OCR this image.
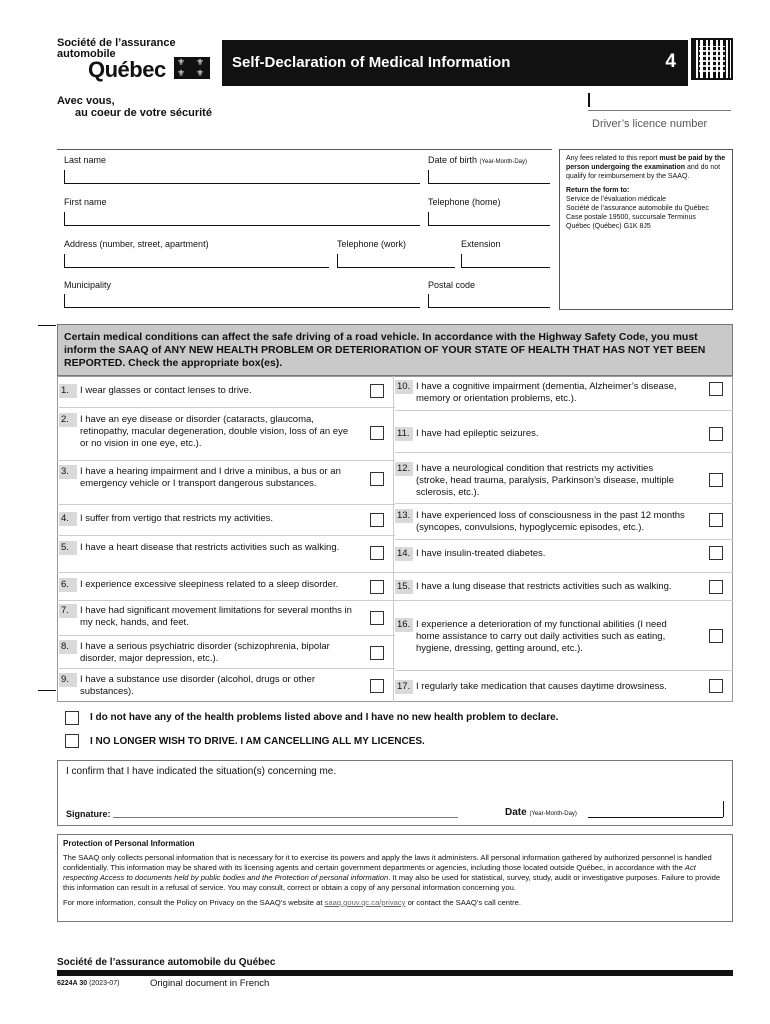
Société de l’assurance
automobile
Québec ⚜ ⚜
⚜ ⚜
Avec vous,
au coeur de votre sécurité
Self-Declaration of Medical Information	4
Driver’s licence number
Last name	Date of birth (Year-Month-Day)
First name	Telephone (home)
Address (number, street, apartment)	Telephone (work)	Extension
Municipality	Postal code

Any fees related to this report must be paid by the person undergoing the examination and do not qualify for reimbursement by the SAAQ.

Return the form to:
Service de l’évaluation médicale
Société de l’assurance automobile du Québec
Case postale 19500, succursale Terminus
Québec (Québec) G1K 8J5

Certain medical conditions can affect the safe driving of a road vehicle. In accordance with the Highway Safety Code, you must inform the SAAQ of ANY NEW HEALTH PROBLEM OR DETERIORATION OF YOUR STATE OF HEALTH THAT HAS NOT YET BEEN REPORTED. Check the appropriate box(es).
1.	I wear glasses or contact lenses to drive.
2.	I have an eye disease or disorder (cataracts, glaucoma, retinopathy, macular degeneration, double vision, loss of an eye or no vision in one eye, etc.).
3.	I have a hearing impairment and I drive a minibus, a bus or an emergency vehicle or I transport dangerous substances.
4.	I suffer from vertigo that restricts my activities.
5.	I have a heart disease that restricts activities such as walking.
6.	I experience excessive sleepiness related to a sleep disorder.
7.	I have had significant movement limitations for several months in my neck, hands, and feet.
8.	I have a serious psychiatric disorder (schizophrenia, bipolar disorder, major depression, etc.).
9.	I have a substance use disorder (alcohol, drugs or other substances).
10. I have a cognitive impairment (dementia, Alzheimer’s disease, memory or orientation problems, etc.).
11. I have had epileptic seizures.
12. I have a neurological condition that restricts my activities (stroke, head trauma, paralysis, Parkinson’s disease, multiple sclerosis, etc.).
13. I have experienced loss of consciousness in the past 12 months (syncopes, convulsions, hypoglycemic episodes, etc.).
14. I have insulin-treated diabetes.
15. I have a lung disease that restricts activities such as walking.
16. I experience a deterioration of my functional abilities (I need home assistance to carry out daily activities such as eating, hygiene, dressing, getting around, etc.).
17. I regularly take medication that causes daytime drowsiness.
I do not have any of the health problems listed above and I have no new health problem to declare.
I NO LONGER WISH TO DRIVE. I AM CANCELLING ALL MY LICENCES.
I confirm that I have indicated the situation(s) concerning me.
Signature:	Date (Year-Month-Day)
Protection of Personal Information
The SAAQ only collects personal information that is necessary for it to exercise its powers and apply the laws it administers. All personal information gathered by authorized personnel is handled confidentially. This information may be shared with its licensing agents and certain government departments or agencies, including those located outside Québec, in accordance with the Act respecting Access to documents held by public bodies and the Protection of personal information. It may also be used for statistical, survey, study, audit or investigative purposes. Failure to provide this information can result in a refusal of service. You may consult, correct or obtain a copy of any personal information concerning you.
For more information, consult the Policy on Privacy on the SAAQ’s website at saaq.gouv.qc.ca/privacy or contact the SAAQ’s call centre.
Société de l’assurance automobile du Québec
6224A 30 (2023-07)	Original document in French
